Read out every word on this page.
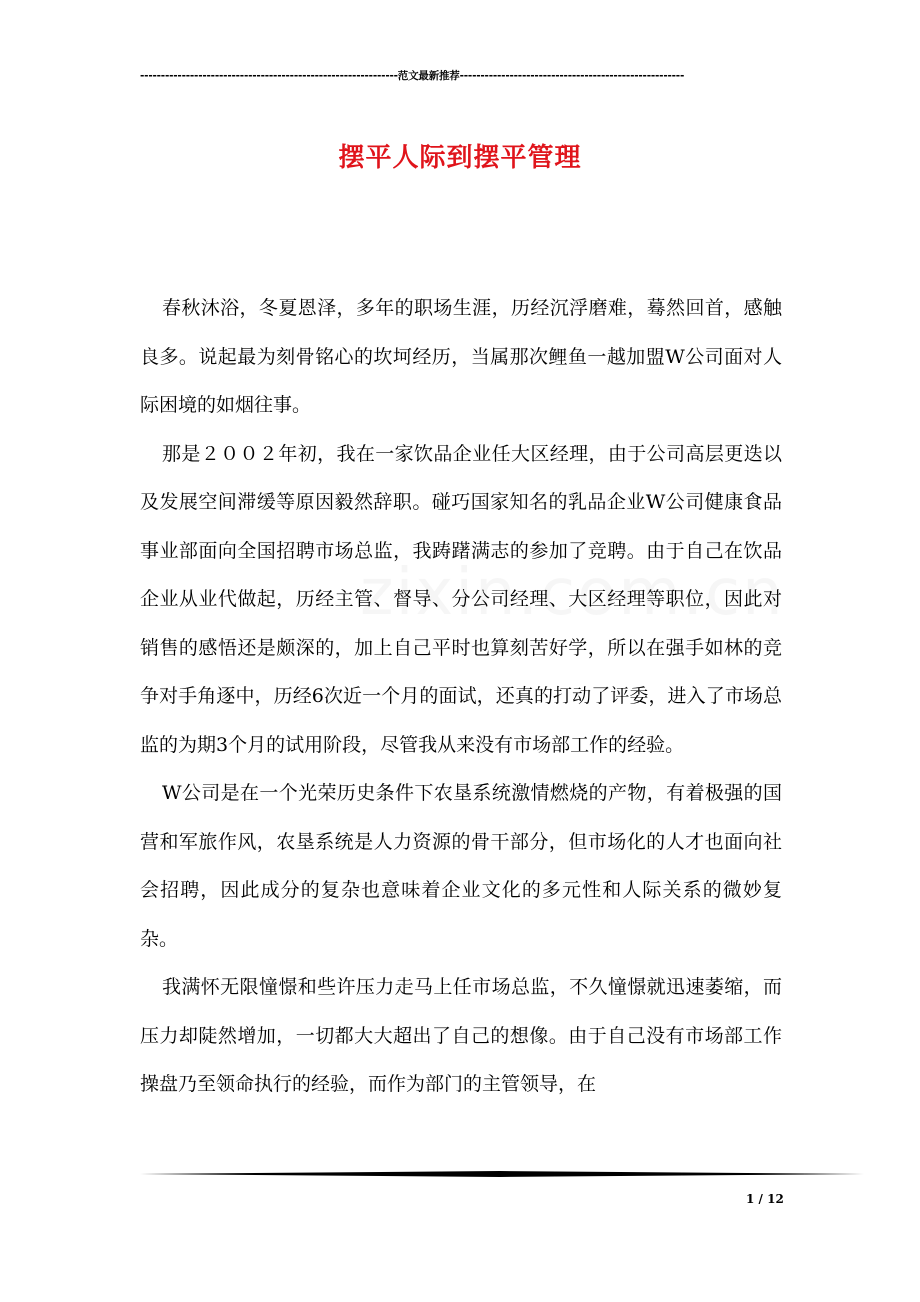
--------------------------------------------------------------范文最新推荐------------------------------------------------------
摆平人际到摆平管理

春秋沐浴，冬夏恩泽，多年的职场生涯，历经沉浮磨难，蓦然回首，感触良多。说起最为刻骨铭心的坎坷经历，当属那次鲤鱼一越加盟W公司面对人际困境的如烟往事。

那是２００２年初，我在一家饮品企业任大区经理，由于公司高层更迭以及发展空间滞缓等原因毅然辞职。碰巧国家知名的乳品企业W公司健康食品事业部面向全国招聘市场总监，我踌躇满志的参加了竞聘。由于自己在饮品企业从业代做起，历经主管、督导、分公司经理、大区经理等职位，因此对销售的感悟还是颇深的，加上自己平时也算刻苦好学，所以在强手如林的竞争对手角逐中，历经6次近一个月的面试，还真的打动了评委，进入了市场总监的为期3个月的试用阶段，尽管我从来没有市场部工作的经验。

W公司是在一个光荣历史条件下农垦系统激情燃烧的产物，有着极强的国营和军旅作风，农垦系统是人力资源的骨干部分，但市场化的人才也面向社会招聘，因此成分的复杂也意味着企业文化的多元性和人际关系的微妙复杂。

我满怀无限憧憬和些许压力走马上任市场总监，不久憧憬就迅速萎缩，而压力却陡然增加，一切都大大超出了自己的想像。由于自己没有市场部工作操盘乃至领命执行的经验，而作为部门的主管领导，在

1 / 12
